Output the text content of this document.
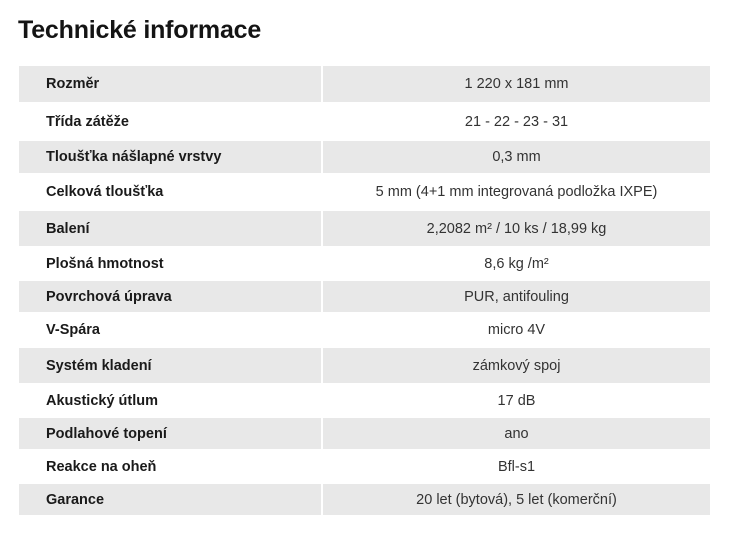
Technické informace
Rozměr	1 220 x 181 mm
Třída zátěže	21 - 22 - 23 - 31
Tloušťka nášlapné vrstvy	0,3 mm
Celková tloušťka	5 mm (4+1 mm integrovaná podložka IXPE)
Balení	2,2082 m² / 10 ks / 18,99 kg
Plošná hmotnost	8,6 kg /m²
Povrchová úprava	PUR, antifouling
V-Spára	micro 4V
Systém kladení	zámkový spoj
Akustický útlum	17 dB
Podlahové topení	ano
Reakce na oheň	Bfl-s1
Garance	20 let (bytová), 5 let (komerční)
